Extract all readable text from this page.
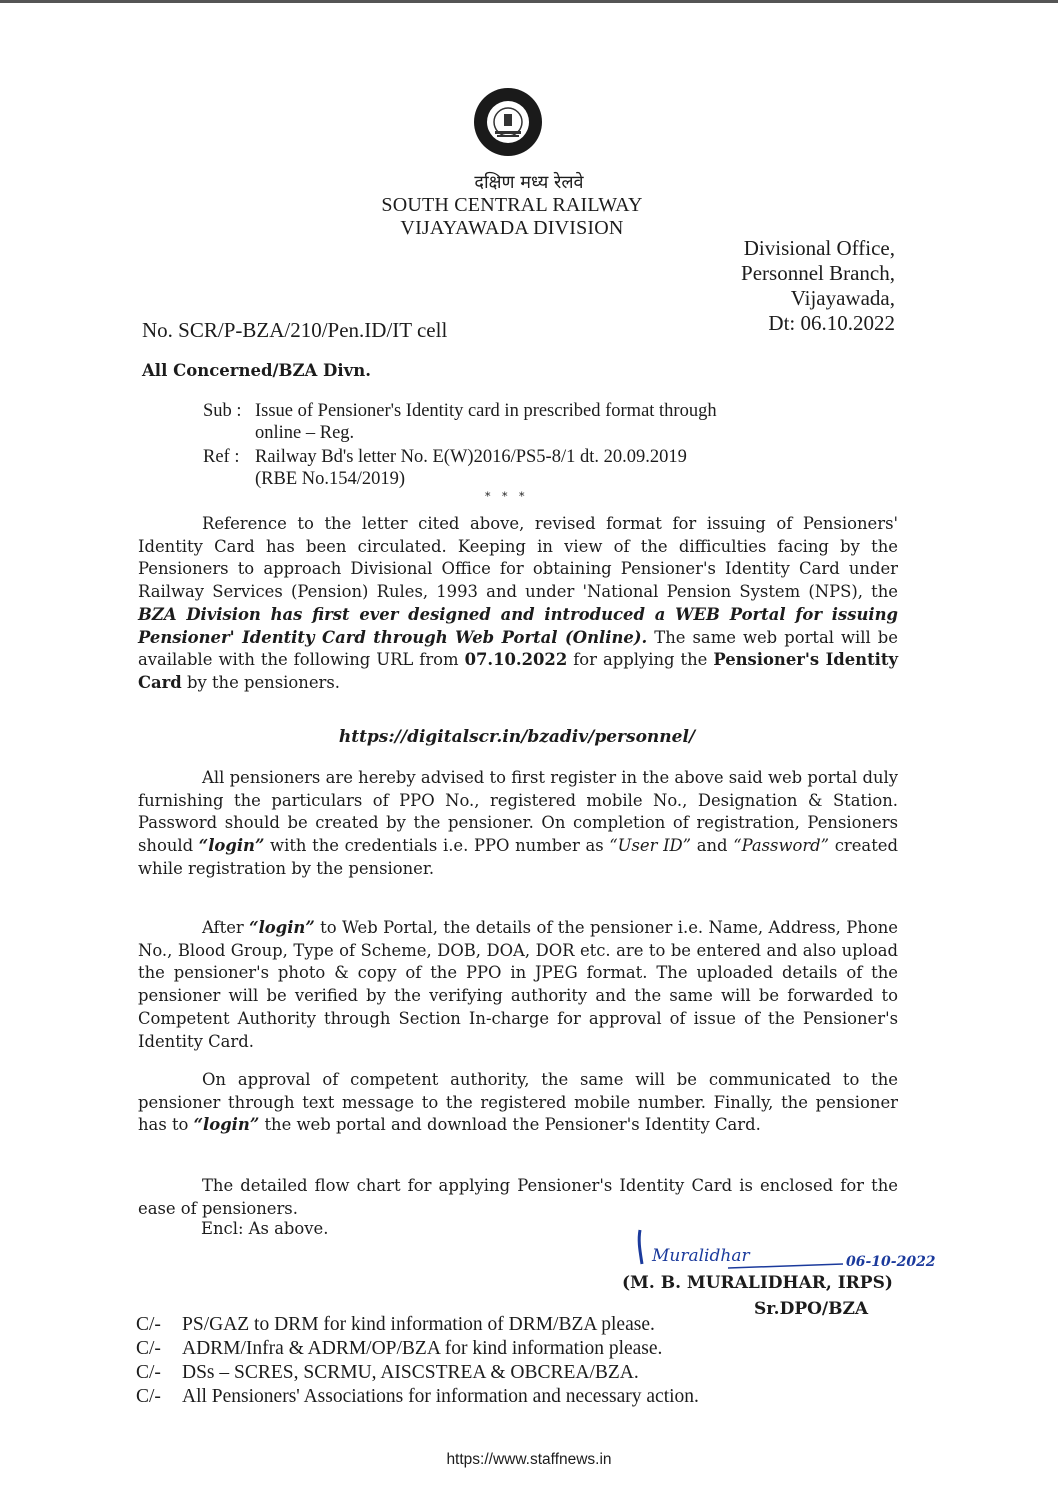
दक्षिण मध्य रेलवे
SOUTH CENTRAL RAILWAY
VIJAYAWADA DIVISION
Divisional Office,
Personnel Branch,
Vijayawada,
Dt: 06.10.2022
No. SCR/P-BZA/210/Pen.ID/IT cell
All Concerned/BZA Divn.
Sub : Issue of Pensioner's Identity card in prescribed format through
online – Reg.
Ref : Railway Bd's letter No. E(W)2016/PS5-8/1 dt. 20.09.2019
(RBE No.154/2019)
* * *
Reference to the letter cited above, revised format for issuing of Pensioners' Identity Card has been circulated. Keeping in view of the difficulties facing by the Pensioners to approach Divisional Office for obtaining Pensioner's Identity Card under Railway Services (Pension) Rules, 1993 and under 'National Pension System (NPS), the BZA Division has first ever designed and introduced a WEB Portal for issuing Pensioner' Identity Card through Web Portal (Online). The same web portal will be available with the following URL from 07.10.2022 for applying the Pensioner's Identity Card by the pensioners.
https://digitalscr.in/bzadiv/personnel/
All pensioners are hereby advised to first register in the above said web portal duly furnishing the particulars of PPO No., registered mobile No., Designation & Station. Password should be created by the pensioner. On completion of registration, Pensioners should “login” with the credentials i.e. PPO number as “User ID” and “Password” created while registration by the pensioner.
After “login” to Web Portal, the details of the pensioner i.e. Name, Address, Phone No., Blood Group, Type of Scheme, DOB, DOA, DOR etc. are to be entered and also upload the pensioner's photo & copy of the PPO in JPEG format. The uploaded details of the pensioner will be verified by the verifying authority and the same will be forwarded to Competent Authority through Section In-charge for approval of issue of the Pensioner's Identity Card.
On approval of competent authority, the same will be communicated to the pensioner through text message to the registered mobile number. Finally, the pensioner has to “login” the web portal and download the Pensioner's Identity Card.
The detailed flow chart for applying Pensioner's Identity Card is enclosed for the ease of pensioners.
Encl: As above.
Muralidhar	06-10-2022
(M. B. MURALIDHAR, IRPS)
Sr.DPO/BZA
C/- PS/GAZ to DRM for kind information of DRM/BZA please.
C/- ADRM/Infra & ADRM/OP/BZA for kind information please.
C/- DSs – SCRES, SCRMU, AISCSTREA & OBCREA/BZA.
C/- All Pensioners' Associations for information and necessary action.
https://www.staffnews.in
